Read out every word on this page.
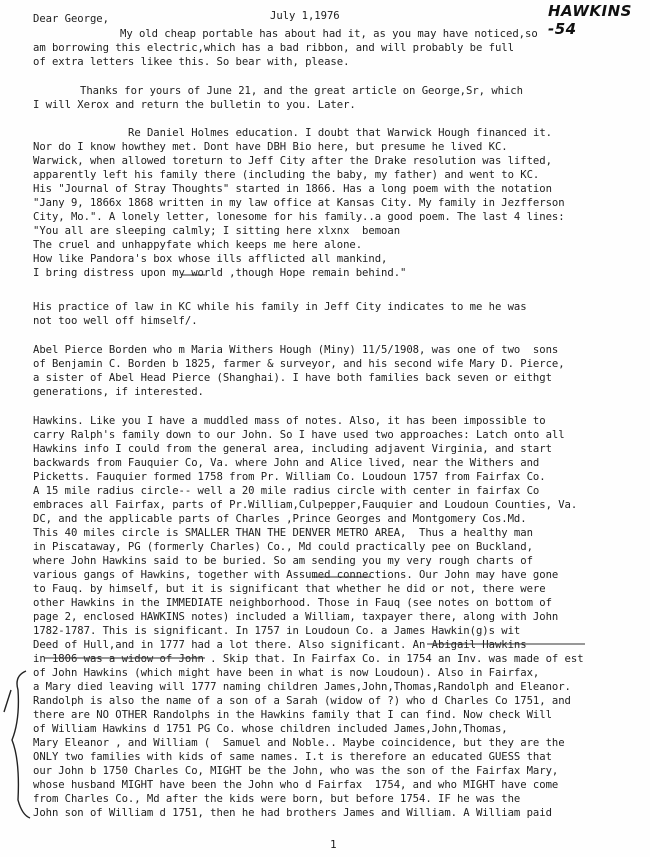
HAWKINS -54
Dear George,	July 1,1976
My old cheap portable has about had it, as you may have noticed,so
am borrowing this electric,which has a bad ribbon, and will probably be full
of extra letters likee this. So bear with, please.
Thanks for yours of June 21, and the great article on George,Sr, which
I will Xerox and return the bulletin to you. Later.
Re Daniel Holmes education. I doubt that Warwick Hough financed it.
Nor do I know howthey met. Dont have DBH Bio here, but presume he lived KC.
Warwick, when allowed toreturn to Jeff City after the Drake resolution was lifted,
apparently left his family there (including the baby, my father) and went to KC.
His "Journal of Stray Thoughts" started in 1866. Has a long poem with the notation
"Jany 9, 1866x 1868 written in my law office at Kansas City. My family in Jezfferson
City, Mo.". A lonely letter, lonesome for his family..a good poem. The last 4 lines:
"You all are sleeping calmly; I sitting here xlxnx  bemoan
The cruel and unhappyfate which keeps me here alone.
How like Pandora's box whose ills afflicted all mankind,
I bring distress upon my world ,though Hope remain behind."
His practice of law in KC while his family in Jeff City indicates to me he was
not too well off himself/.
Abel Pierce Borden who m Maria Withers Hough (Miny) 11/5/1908, was one of two  sons
of Benjamin C. Borden b 1825, farmer & surveyor, and his second wife Mary D. Pierce,
a sister of Abel Head Pierce (Shanghai). I have both families back seven or eithgt
generations, if interested.
Hawkins. Like you I have a muddled mass of notes. Also, it has been impossible to
carry Ralph's family down to our John. So I have used two approaches: Latch onto all
Hawkins info I could from the general area, including adjavent Virginia, and start
backwards from Fauquier Co, Va. where John and Alice lived, near the Withers and
Picketts. Fauquier formed 1758 from Pr. William Co. Loudoun 1757 from Fairfax Co.
A 15 mile radius circle-- well a 20 mile radius circle with center in fairfax Co
embraces all Fairfax, parts of Pr.William,Culpepper,Fauquier and Loudoun Counties, Va.
DC, and the applicable parts of Charles ,Prince Georges and Montgomery Cos.Md.
This 40 miles circle is SMALLER THAN THE DENVER METRO AREA,  Thus a healthy man
in Piscataway, PG (formerly Charles) Co., Md could practically pee on Buckland,
where John Hawkins said to be buried. So am sending you my very rough charts of
various gangs of Hawkins, together with Assumed connections. Our John may have gone
to Fauq. by himself, but it is significant that whether he did or not, there were
other Hawkins in the IMMEDIATE neighborhood. Those in Fauq (see notes on bottom of
page 2, enclosed HAWKINS notes) included a William, taxpayer there, along with John
1782-1787. This is significant. In 1757 in Loudoun Co. a James Hawkin(g)s wit
Deed of Hull,and in 1777 had a lot there. Also significant. An Abigail Hawkins
in 1806 was a widow of John . Skip that. In Fairfax Co. in 1754 an Inv. was made of est
of John Hawkins (which might have been in what is now Loudoun). Also in Fairfax,
a Mary died leaving will 1777 naming children James,John,Thomas,Randolph and Eleanor.
Randolph is also the name of a son of a Sarah (widow of ?) who d Charles Co 1751, and
there are NO OTHER Randolphs in the Hawkins family that I can find. Now check Will
of William Hawkins d 1751 PG Co. whose children included James,John,Thomas,
Mary Eleanor , and William (  Samuel and Noble.. Maybe coincidence, but they are the
ONLY two families with kids of same names. I.t is therefore an educated GUESS that
our John b 1750 Charles Co, MIGHT be the John, who was the son of the Fairfax Mary,
whose husband MIGHT have been the John who d Fairfax  1754, and who MIGHT have come
from Charles Co., Md after the kids were born, but before 1754. IF he was the
John son of William d 1751, then he had brothers James and William. A William paid
1
